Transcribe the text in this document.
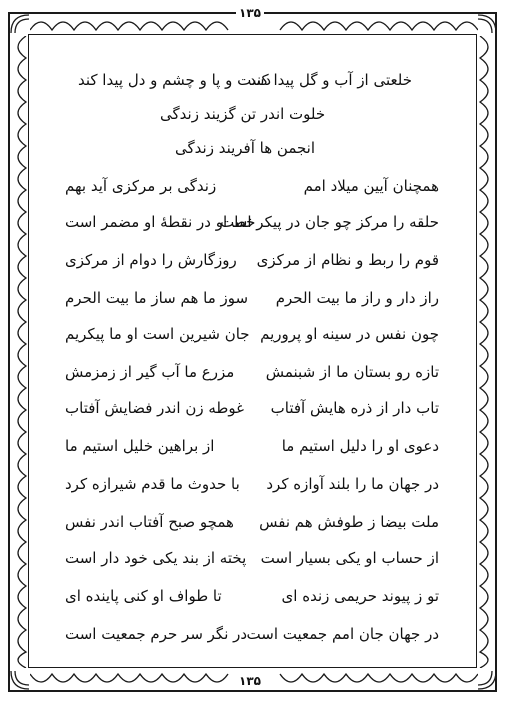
۱۳۵
۱۳۵
خلعتی از آب و گل پیدا کند
دست و پا و چشم و دل پیدا کند
خلوت اندر تن گزیند زندگی
انجمن ها آفریند زندگی
همچنان آیین میلاد امم
زندگی بر مرکزی آید بهم
حلقه را مرکز چو جان در پیکر است
خط او در نقطهٔ او مضمر است
قوم را ربط و نظام از مرکزی
روزگارش را دوام از مرکزی
راز دار و راز ما بیت الحرم
سوز ما هم ساز ما بیت الحرم
چون نفس در سینه او پروریم
جان شیرین است او ما پیکریم
تازه رو بستان ما از شبنمش
مزرع ما آب گیر از زمزمش
تاب دار از ذره هایش آفتاب
غوطه زن اندر فضایش آفتاب
دعوی او را دلیل استیم ما
از براهین خلیل استیم ما
در جهان ما را بلند آوازه کرد
با حدوث ما قدم شیرازه کرد
ملت بیضا ز طوفش هم نفس
همچو صبح آفتاب اندر نفس
از حساب او یکی بسیار است
پخته از بند یکی خود دار است
تو ز پیوند حریمی زنده ای
تا طواف او کنی پاینده ای
در جهان جان امم جمعیت است
در نگر سر حرم جمعیت است
